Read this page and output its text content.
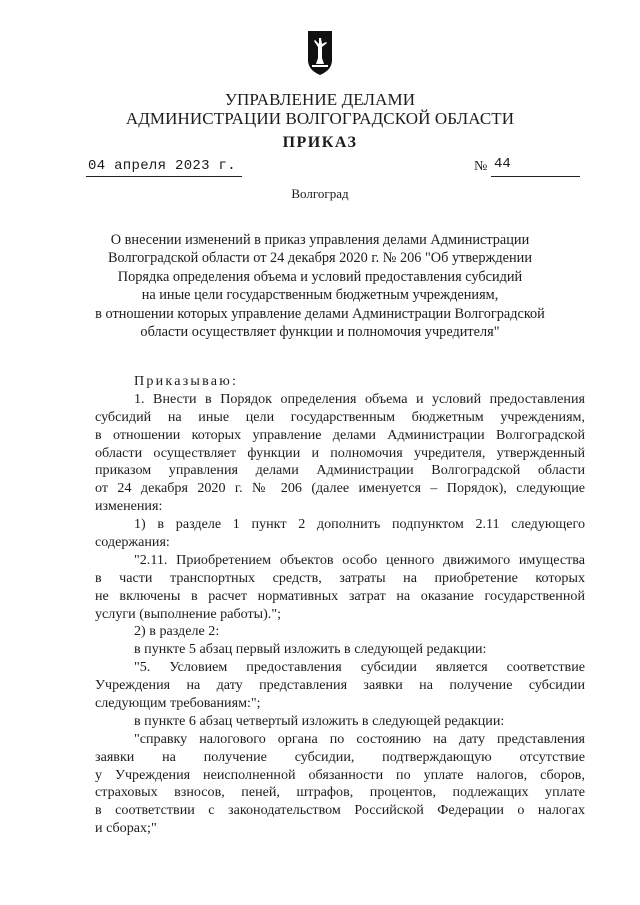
УПРАВЛЕНИЕ ДЕЛАМИ
АДМИНИСТРАЦИИ ВОЛГОГРАДСКОЙ ОБЛАСТИ
ПРИКАЗ
04 апреля 2023 г.	№ 44
Волгоград
О внесении изменений в приказ управления делами Администрации
Волгоградской области от 24 декабря 2020 г. № 206 "Об утверждении
Порядка определения объема и условий предоставления субсидий
на иные цели государственным бюджетным учреждениям,
в отношении которых управление делами Администрации Волгоградской
области осуществляет функции и полномочия учредителя"
Приказываю:
1. Внести в Порядок определения объема и условий предоставления
субсидий на иные цели государственным бюджетным учреждениям,
в отношении которых управление делами Администрации Волгоградской
области осуществляет функции и полномочия учредителя, утвержденный
приказом управления делами Администрации Волгоградской области
от 24 декабря 2020 г. № 206 (далее именуется – Порядок), следующие
изменения:
1) в разделе 1 пункт 2 дополнить подпунктом 2.11 следующего
содержания:
"2.11. Приобретением объектов особо ценного движимого имущества
в части транспортных средств, затраты на приобретение которых
не включены в расчет нормативных затрат на оказание государственной
услуги (выполнение работы).";
2) в разделе 2:
в пункте 5 абзац первый изложить в следующей редакции:
"5. Условием предоставления субсидии является соответствие
Учреждения на дату представления заявки на получение субсидии
следующим требованиям:";
в пункте 6 абзац четвертый изложить в следующей редакции:
"справку налогового органа по состоянию на дату представления
заявки на получение субсидии, подтверждающую отсутствие
у Учреждения неисполненной обязанности по уплате налогов, сборов,
страховых взносов, пеней, штрафов, процентов, подлежащих уплате
в соответствии с законодательством Российской Федерации о налогах
и сборах;"
